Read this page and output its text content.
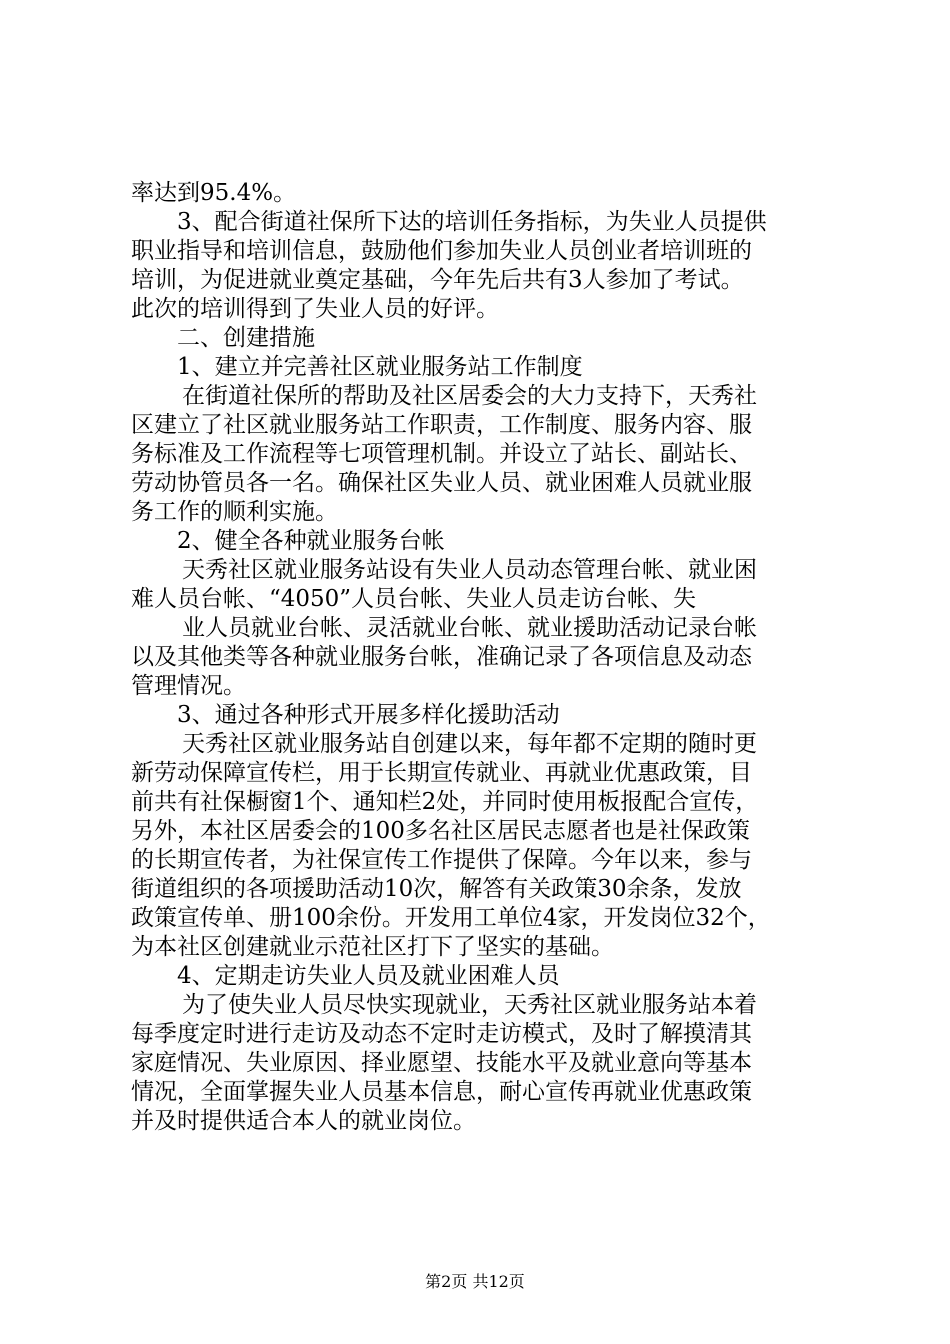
率达到95.4%。
3、配合街道社保所下达的培训任务指标，为失业人员提供
职业指导和培训信息，鼓励他们参加失业人员创业者培训班的
培训，为促进就业奠定基础，今年先后共有3人参加了考试。
此次的培训得到了失业人员的好评。
二、创建措施
1、建立并完善社区就业服务站工作制度
在街道社保所的帮助及社区居委会的大力支持下，天秀社
区建立了社区就业服务站工作职责，工作制度、服务内容、服
务标准及工作流程等七项管理机制。并设立了站长、副站长、
劳动协管员各一名。确保社区失业人员、就业困难人员就业服
务工作的顺利实施。
2、健全各种就业服务台帐
天秀社区就业服务站设有失业人员动态管理台帐、就业困
难人员台帐、“4050”人员台帐、失业人员走访台帐、失
业人员就业台帐、灵活就业台帐、就业援助活动记录台帐
以及其他类等各种就业服务台帐，准确记录了各项信息及动态
管理情况。
3、通过各种形式开展多样化援助活动
天秀社区就业服务站自创建以来，每年都不定期的随时更
新劳动保障宣传栏，用于长期宣传就业、再就业优惠政策，目
前共有社保橱窗1个、通知栏2处，并同时使用板报配合宣传，
另外，本社区居委会的100多名社区居民志愿者也是社保政策
的长期宣传者，为社保宣传工作提供了保障。今年以来，参与
街道组织的各项援助活动10次，解答有关政策30余条，发放
政策宣传单、册100余份。开发用工单位4家，开发岗位32个，
为本社区创建就业示范社区打下了坚实的基础。
4、定期走访失业人员及就业困难人员
为了使失业人员尽快实现就业，天秀社区就业服务站本着
每季度定时进行走访及动态不定时走访模式，及时了解摸清其
家庭情况、失业原因、择业愿望、技能水平及就业意向等基本
情况，全面掌握失业人员基本信息，耐心宣传再就业优惠政策
并及时提供适合本人的就业岗位。
第2页 共12页
